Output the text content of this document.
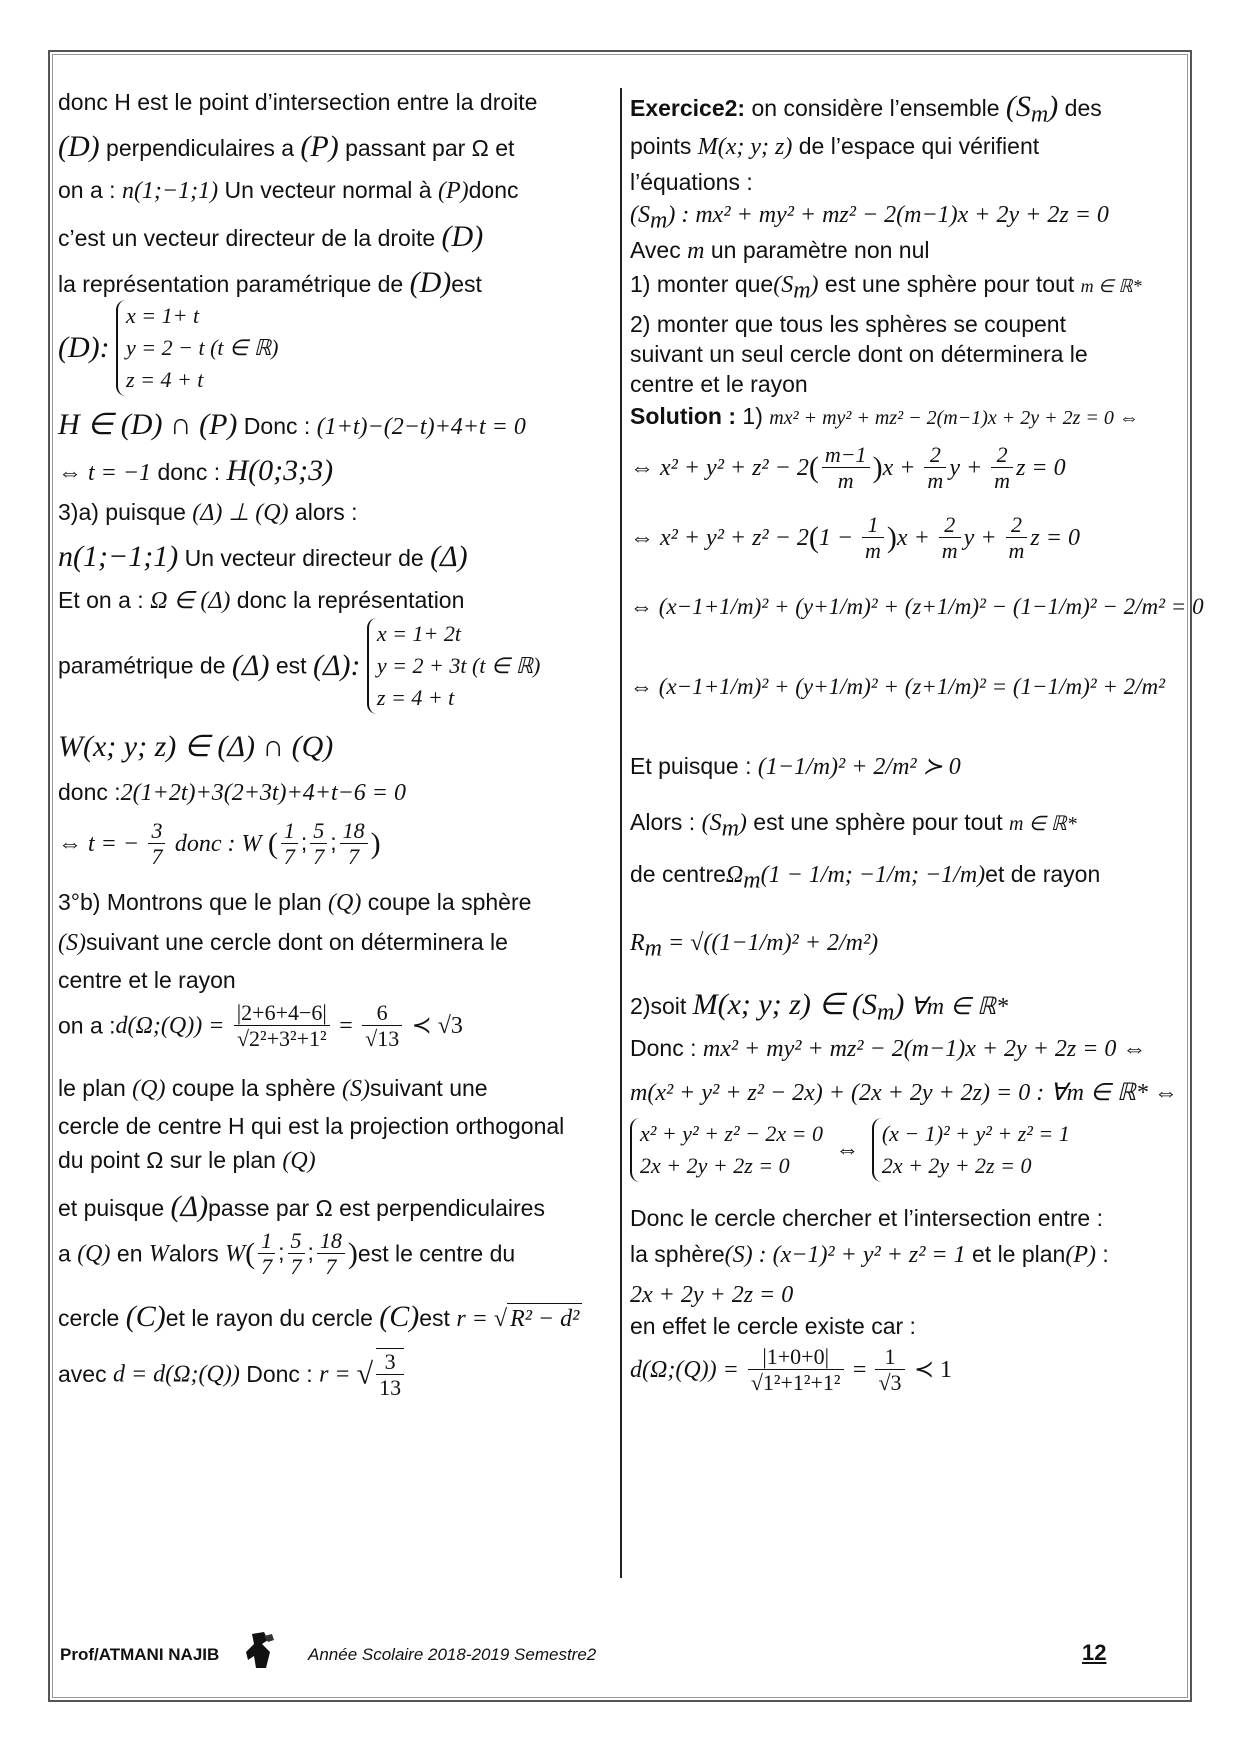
donc H est le point d’intersection entre la droite
(D) perpendiculaires a (P) passant par Ω et
on a : n(1;−1;1) Un vecteur normal à (P)donc
c’est un vecteur directeur de la droite (D)
la représentation paramétrique de (D)est
(D):
x = 1+ t
y = 2 − t (t ∈ ℝ)
z = 4 + t
H ∈ (D) ∩ (P) Donc : (1+t)−(2−t)+4+t = 0
⇔ t = −1 donc : H(0;3;3)
3)a) puisque (Δ) ⊥ (Q) alors :
n(1;−1;1) Un vecteur directeur de (Δ)
Et on a : Ω ∈ (Δ) donc la représentation
paramétrique de (Δ) est (Δ):
x = 1+ 2t
y = 2 + 3t (t ∈ ℝ)
z = 4 + t
W(x; y; z) ∈ (Δ) ∩ (Q)
donc :2(1+2t)+3(2+3t)+4+t−6 = 0
⇔ t = − $\frac{3}{7}$ donc : W ( $\frac{1}{7}$ ; $\frac{5}{7}$ ; $\frac{18}{7}$ )
3°b) Montrons que le plan (Q) coupe la sphère
(S)suivant une cercle dont on déterminera le
centre et le rayon
on a :d(Ω;(Q)) = $\frac{|2+6+4-6|}{\text{√2²+3²+1²}} = \frac{6}{√13}$ ≺ √3
le plan (Q) coupe la sphère (S)suivant une
cercle de centre H qui est la projection orthogonal
du point Ω sur le plan (Q)
et puisque (Δ)passe par Ω est perpendiculaires
a (Q) en Walors $W( \frac{1}{7}$ ; $\frac{5}{7}$ ; $\frac{18}{7} )est$ le centre du
cercle (C)et le rayon du cercle (C)est r = √ R² − d²
avec d = d(Ω;(Q)) Donc : r = √ $\frac{3}{13}$
Exercice2: on considère l’ensemble $(S_m)$ des
points M(x; y; z) de l’espace qui vérifient
l’équations :
$(S_m)$ : mx² + my² + mz² − 2(m−1)x + 2y + 2z = 0
Avec m un paramètre non nul
1) monter $que(S_m)$ est une sphère pour tout m ∈ ℝ*
2) monter que tous les sphères se coupent
suivant un seul cercle dont on déterminera le
centre et le rayon
Solution : 1) mx² + my² + mz² − 2(m−1)x + 2y + 2z = 0 ⇔
⇔ $x^2 + y^2 + z^2 - 2( \frac{m-1}{m} )x + \frac{2}{m}$ $y + \frac{2}{m}$ z = 0
⇔ $x^2 + y^2 + z^2 - 2(1 - \frac{1}{m} )x + \frac{2}{m}$ $y + \frac{2}{m}$ z = 0
⇔ (x−1+1/m)² + (y+1/m)² + (z+1/m)² − (1−1/m)² − 2/m² = 0
⇔ (x−1+1/m)² + (y+1/m)² + (z+1/m)² = (1−1/m)² + 2/m²
Et puisque : (1−1/m)² + 2/m² ≻ 0
Alors : $(S_m)$ est une sphère pour tout m ∈ ℝ*
de centreΩ$_m$(1 − 1/m; −1/m; −1/m)et de rayon
$R_m = √((1-1/m)^2 + 2/m^2)$
2)soit M(x; y; z) ∈ $(S_m)$ ∀m ∈ ℝ*
Donc : mx² + my² + mz² − 2(m−1)x + 2y + 2z = 0 ⇔
m(x² + y² + z² − 2x) + (2x + 2y + 2z) = 0 : ∀m ∈ ℝ* ⇔
x² + y² + z² − 2x = 0
2x + 2y + 2z = 0
⇔
(x − 1)² + y² + z² = 1
2x + 2y + 2z = 0
Donc le cercle chercher et l’intersection entre :
la sphère(S) : (x−1)² + y² + z² = 1 et le plan(P) :
2x + 2y + 2z = 0
en effet le cercle existe car :
d(Ω;(Q)) = $\frac{|1+0+0|}{\text{√1²+1²+1²}} = \frac{1}{√3}$ ≺ 1
Prof/ATMANI NAJIB	Année Scolaire 2018-2019 Semestre2	12
